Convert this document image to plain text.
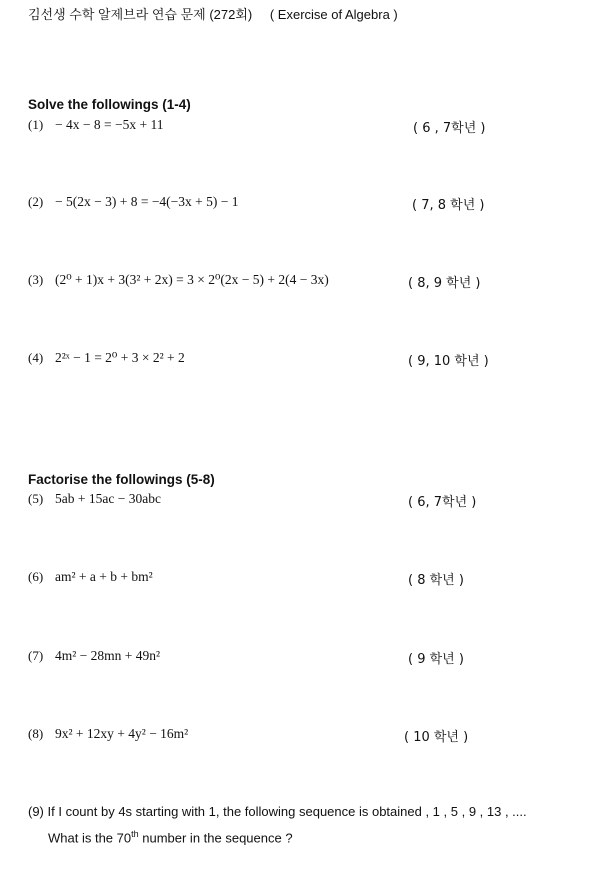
김선생 수학 알제브라 연습 문제 (272회) ( Exercise of Algebra )
Solve the followings (1-4)
(1) − 4x − 8 = −5x + 11	( 6 , 7학년 )
(2) − 5(2x − 3) + 8 = −4(−3x + 5) − 1	( 7, 8 학년 )
(3) (2⁰ + 1)x + 3(3² + 2x) = 3 × 2⁰(2x − 5) + 2(4 − 3x)	( 8, 9 학년 )
(4) 2²ˣ − 1 = 2⁰ + 3 × 2² + 2	( 9, 10 학년 )
Factorise the followings (5-8)
(5) 5ab + 15ac − 30abc	( 6, 7학년 )
(6) am² + a + b + bm²	( 8 학년 )
(7) 4m² − 28mn + 49n²	( 9 학년 )
(8) 9x² + 12xy + 4y² − 16m²	( 10 학년 )
(9) If I count by 4s starting with 1, the following sequence is obtained , 1 , 5 , 9 , 13 , ....
What is the 70th number in the sequence ?
